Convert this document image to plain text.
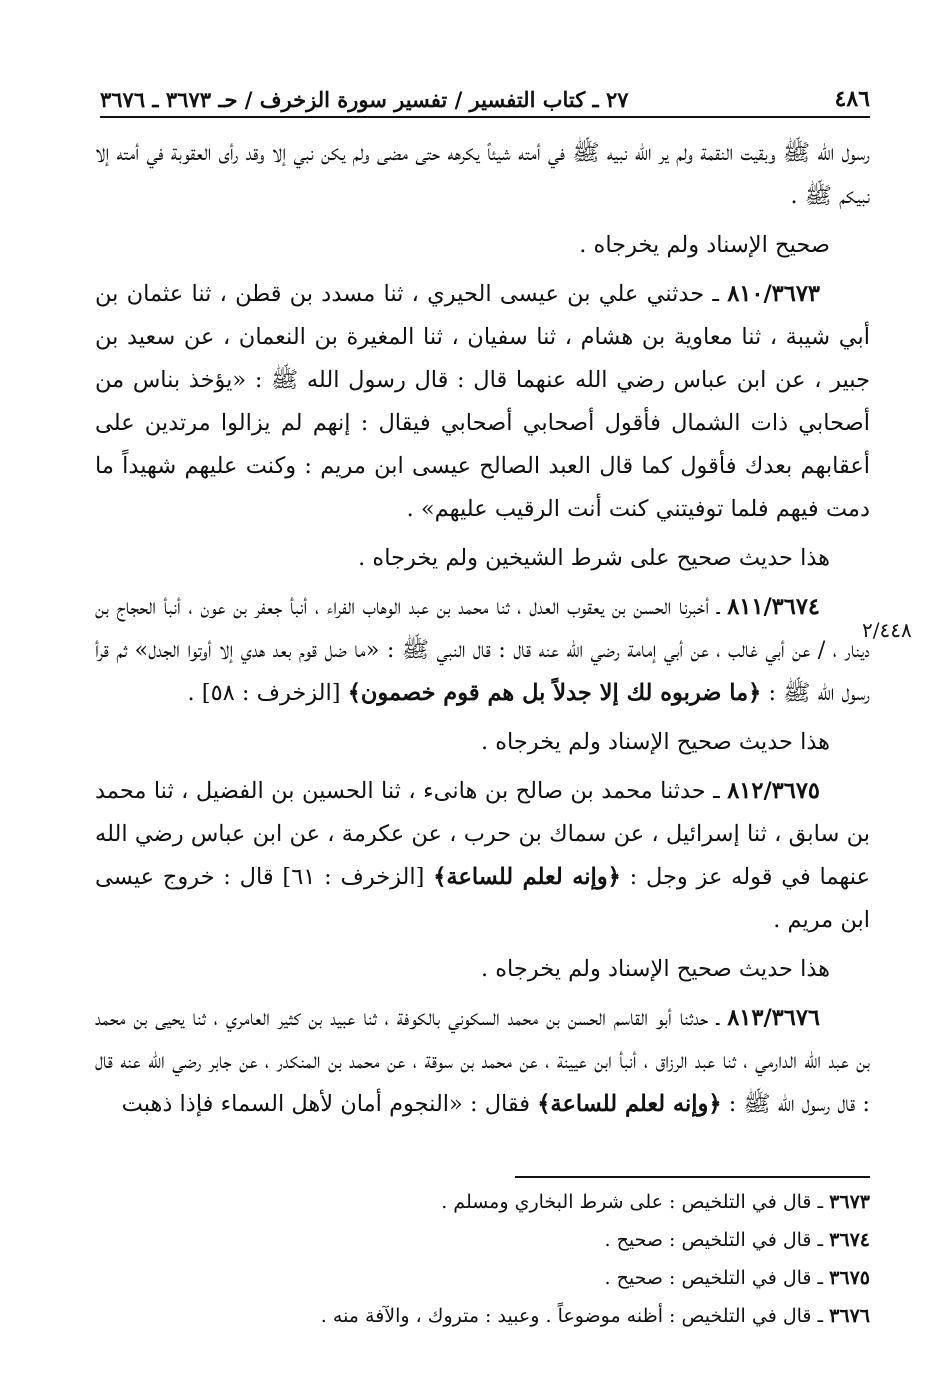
٤٨٦
٢٧ ـ كتاب التفسير / تفسير سورة الزخرف / حـ ٣٦٧٣ ـ ٣٦٧٦
٢/٤٤٨

رسول الله ﷺ وبقيت النقمة ولم ير الله نبيه ﷺ في أمته شيئاً يكرهه حتى مضى ولم يكن نبي إلا وقد رأى العقوبة في أمته إلا نبيكم ﷺ .

صحيح الإسناد ولم يخرجاه .

٨١٠/٣٦٧٣ ـ حدثني علي بن عيسى الحيري ، ثنا مسدد بن قطن ، ثنا عثمان بن أبي شيبة ، ثنا معاوية بن هشام ، ثنا سفيان ، ثنا المغيرة بن النعمان ، عن سعيد بن جبير ، عن ابن عباس رضي الله عنهما قال : قال رسول الله ﷺ : «يؤخذ بناس من أصحابي ذات الشمال فأقول أصحابي أصحابي فيقال : إنهم لم يزالوا مرتدين على أعقابهم بعدك فأقول كما قال العبد الصالح عيسى ابن مريم : وكنت عليهم شهيداً ما دمت فيهم فلما توفيتني كنت أنت الرقيب عليهم» .

هذا حديث صحيح على شرط الشيخين ولم يخرجاه .

٨١١/٣٦٧٤ ـ أخبرنا الحسن بن يعقوب العدل ، ثنا محمد بن عبد الوهاب الفراء ، أنبأ جعفر بن عون ، أنبأ الحجاج بن دينار ، / عن أبي غالب ، عن أبي إمامة رضي الله عنه قال : قال النبي ﷺ : «ما ضل قوم بعد هدي إلا أوتوا الجدل» ثم قرأ رسول الله ﷺ : ﴿ما ضربوه لك إلا جدلاً بل هم قوم خصمون﴾ [الزخرف : ٥٨] .

هذا حديث صحيح الإسناد ولم يخرجاه .

٨١٢/٣٦٧٥ ـ حدثنا محمد بن صالح بن هانىء ، ثنا الحسين بن الفضيل ، ثنا محمد بن سابق ، ثنا إسرائيل ، عن سماك بن حرب ، عن عكرمة ، عن ابن عباس رضي الله عنهما في قوله عز وجل : ﴿وإنه لعلم للساعة﴾ [الزخرف : ٦١] قال : خروج عيسى ابن مريم .

هذا حديث صحيح الإسناد ولم يخرجاه .

٨١٣/٣٦٧٦ ـ حدثنا أبو القاسم الحسن بن محمد السكوني بالكوفة ، ثنا عبيد بن كثير العامري ، ثنا يحيى بن محمد بن عبد الله الدارمي ، ثنا عبد الرزاق ، أنبأ ابن عيينة ، عن محمد بن سوقة ، عن محمد بن المنكدر ، عن جابر رضي الله عنه قال : قال رسول الله ﷺ : ﴿وإنه لعلم للساعة﴾ فقال : «النجوم أمان لأهل السماء فإذا ذهبت

٣٦٧٣ ـ قال في التلخيص : على شرط البخاري ومسلم .

٣٦٧٤ ـ قال في التلخيص : صحيح .

٣٦٧٥ ـ قال في التلخيص : صحيح .

٣٦٧٦ ـ قال في التلخيص : أظنه موضوعاً . وعبيد : متروك ، والآفة منه .
